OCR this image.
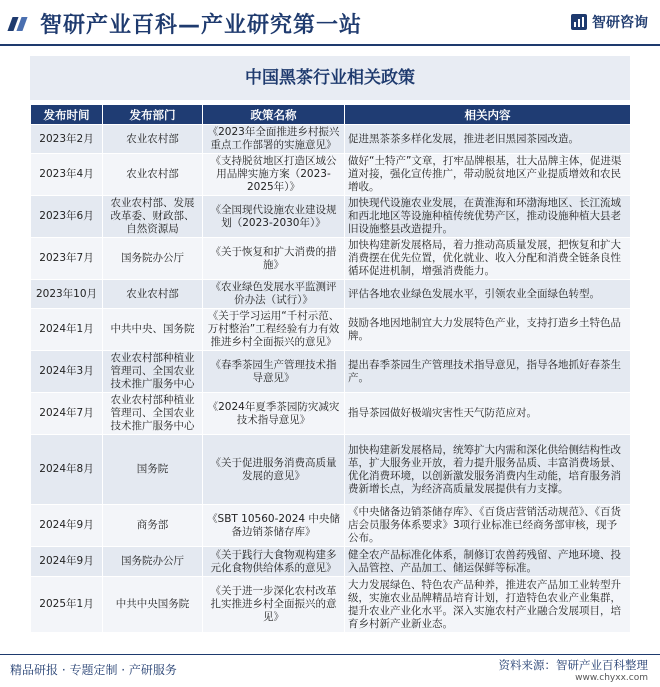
智研产业百科—产业研究第一站	智研咨询
中国黑茶行业相关政策
发布时间	发布部门	政策名称	相关内容
2023年2月	农业农村部	《2023年全面推进乡村振兴重点工作部署的实施意见》	促进黑茶茶多样化发展，推进老旧黑园茶园改造。
2023年4月	农业农村部	《支持脱贫地区打造区域公用品牌实施方案（2023-2025年）》	做好“土特产”文章，打牢品牌根基，壮大品牌主体，促进渠道对接，强化宣传推广，带动脱贫地区产业提质增效和农民增收。
2023年6月	农业农村部、发展改革委、财政部、自然资源局	《全国现代设施农业建设规划（2023-2030年）》	加快现代设施农业发展，在黄淮海和环渤海地区、长江流域和西北地区等设施种植传统优势产区，推动设施种植大县老旧设施整县改造提升。
2023年7月	国务院办公厅	《关于恢复和扩大消费的措施》	加快构建新发展格局，着力推动高质量发展，把恢复和扩大消费摆在优先位置，优化就业、收入分配和消费全链条良性循环促进机制，增强消费能力。
2023年10月	农业农村部	《农业绿色发展水平监测评价办法（试行）》	评估各地农业绿色发展水平，引领农业全面绿色转型。
2024年1月	中共中央、国务院	《关于学习运用“千村示范、万村整治”工程经验有力有效推进乡村全面振兴的意见》	鼓励各地因地制宜大力发展特色产业，支持打造乡土特色品牌。
2024年3月	农业农村部种植业管理司、全国农业技术推广服务中心	《春季茶园生产管理技术指导意见》	提出春季茶园生产管理技术指导意见，指导各地抓好春茶生产。
2024年7月	农业农村部种植业管理司、全国农业技术推广服务中心	《2024年夏季茶园防灾减灾技术指导意见》	指导茶园做好极端灾害性天气防范应对。
2024年8月	国务院	《关于促进服务消费高质量发展的意见》	加快构建新发展格局，统筹扩大内需和深化供给侧结构性改革，扩大服务业开放，着力提升服务品质、丰富消费场景、优化消费环境，以创新激发服务消费内生动能，培育服务消费新增长点，为经济高质量发展提供有力支撑。
2024年9月	商务部	《SBT 10560-2024 中央储备边销茶储存库》	《中央储备边销茶储存库》、《百货店营销活动规范》、《百货店会员服务体系要求》3项行业标准已经商务部审核，现予公布。
2024年9月	国务院办公厅	《关于践行大食物观构建多元化食物供给体系的意见》	健全农产品标准化体系，制修订农兽药残留、产地环境、投入品管控、产品加工、储运保鲜等标准。
2025年1月	中共中央国务院	《关于进一步深化农村改革扎实推进乡村全面振兴的意见》	大力发展绿色、特色农产品种养，推进农产品加工业转型升级，实施农业品牌精品培育计划，打造特色农业产业集群，提升农业产业化水平。深入实施农村产业融合发展项目，培育乡村新产业新业态。
精品研报 · 专题定制 · 产研服务	资料来源：智研产业百科整理
www.chyxx.com
